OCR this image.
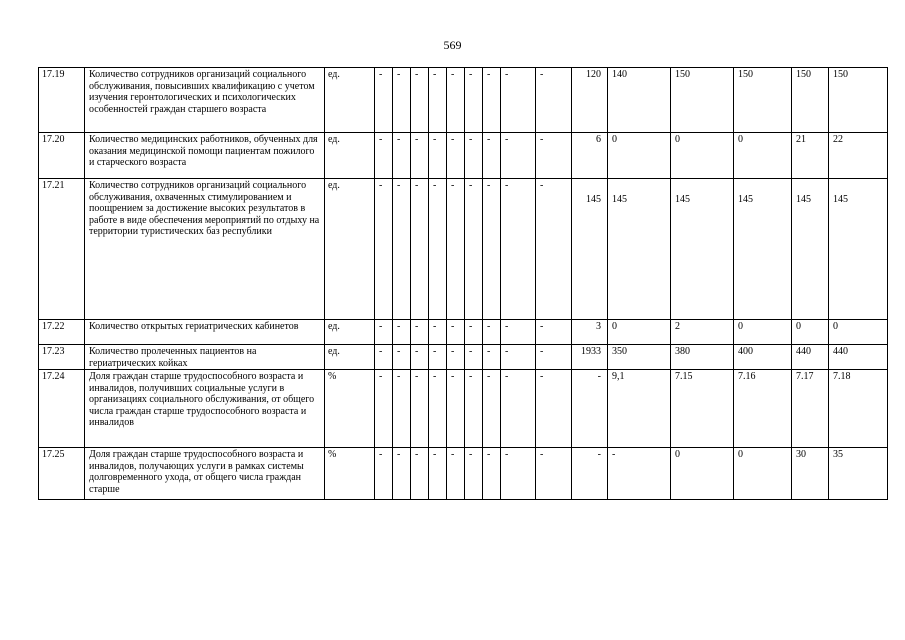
569
17.19	Количество сотрудников организаций социального обслуживания, повысивших квалификацию с учетом изучения геронтологических и психологических особенностей граждан старшего возраста	ед.	-	-	-	-	-	-	-	-	-	120	140	150	150	150	150
17.20	Количество медицинских работников, обученных для оказания медицинской помощи пациентам пожилого и старческого возраста	ед.	-	-	-	-	-	-	-	-	-	6	0	0	0	21	22
17.21	Количество сотрудников организаций социального обслуживания, охваченных стимулированием и поощрением за достижение высоких результатов в работе в виде обеспечения мероприятий по отдыху на территории туристических баз республики	ед.	-	-	-	-	-	-	-	-	-	145	145	145	145	145	145

17.22	Количество открытых гериатрических кабинетов	ед.	-	-	-	-	-	-	-	-	-	3	0	2	0	0	0
17.23	Количество пролеченных пациентов на гериатрических койках	ед.	-	-	-	-	-	-	-	-	-	1933	350	380	400	440	440
17.24	Доля граждан старше трудоспособного возраста и инвалидов, получивших социальные услуги в организациях социального обслуживания, от общего числа граждан старше трудоспособного возраста и инвалидов	%	-	-	-	-	-	-	-	-	-	-	9,1	7.15	7.16	7.17	7.18
17.25	Доля граждан старше трудоспособного возраста и инвалидов, получающих услуги в рамках системы долговременного ухода, от общего числа граждан старше	%	-	-	-	-	-	-	-	-	-	-	-	0	0	30	35
